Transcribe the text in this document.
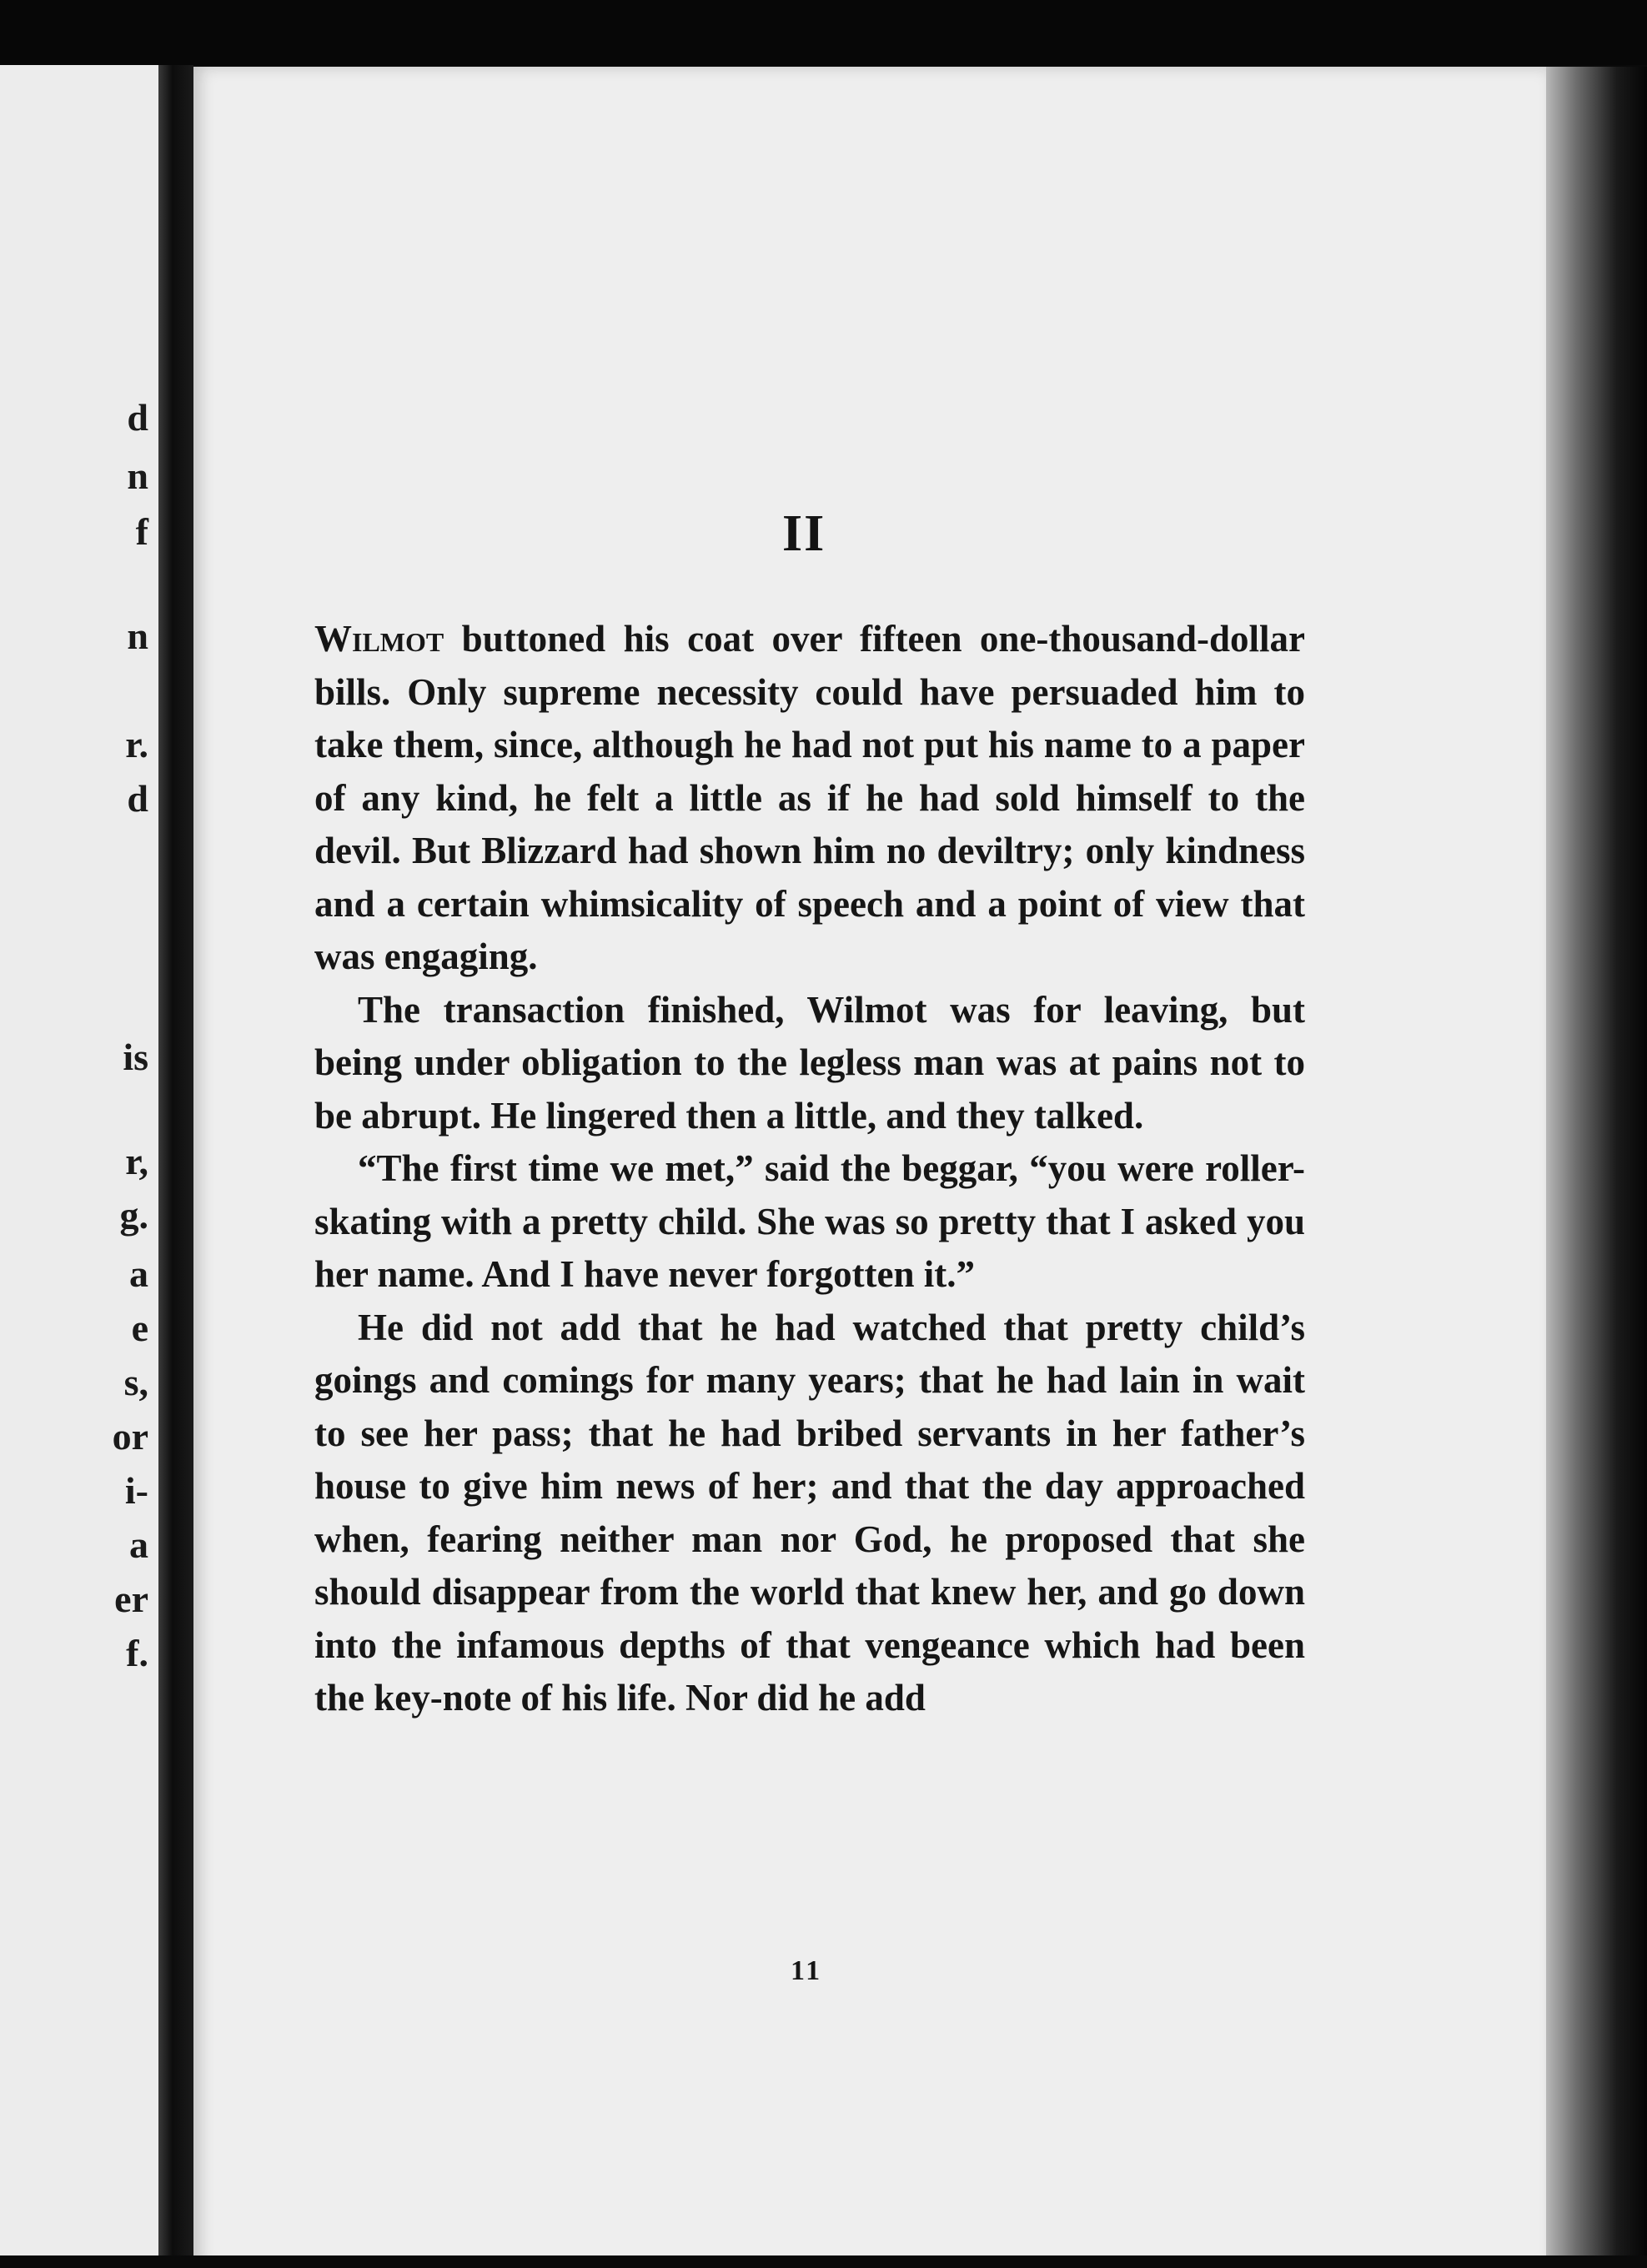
d
n
f
n
r.
d
is
r,
g.
a
e
s,
or
i-
a
er
f.
II

Wilmot buttoned his coat over fifteen one-thousand-dollar bills. Only supreme necessity could have persuaded him to take them, since, although he had not put his name to a paper of any kind, he felt a little as if he had sold himself to the devil. But Blizzard had shown him no deviltry; only kindness and a certain whimsicality of speech and a point of view that was engaging.

The transaction finished, Wilmot was for leaving, but being under obligation to the legless man was at pains not to be abrupt. He lingered then a little, and they talked.

“The first time we met,” said the beggar, “you were roller-skating with a pretty child. She was so pretty that I asked you her name. And I have never forgotten it.”

He did not add that he had watched that pretty child’s goings and comings for many years; that he had lain in wait to see her pass; that he had bribed servants in her father’s house to give him news of her; and that the day approached when, fearing neither man nor God, he proposed that she should disappear from the world that knew her, and go down into the infamous depths of that vengeance which had been the key-note of his life. Nor did he add

11
